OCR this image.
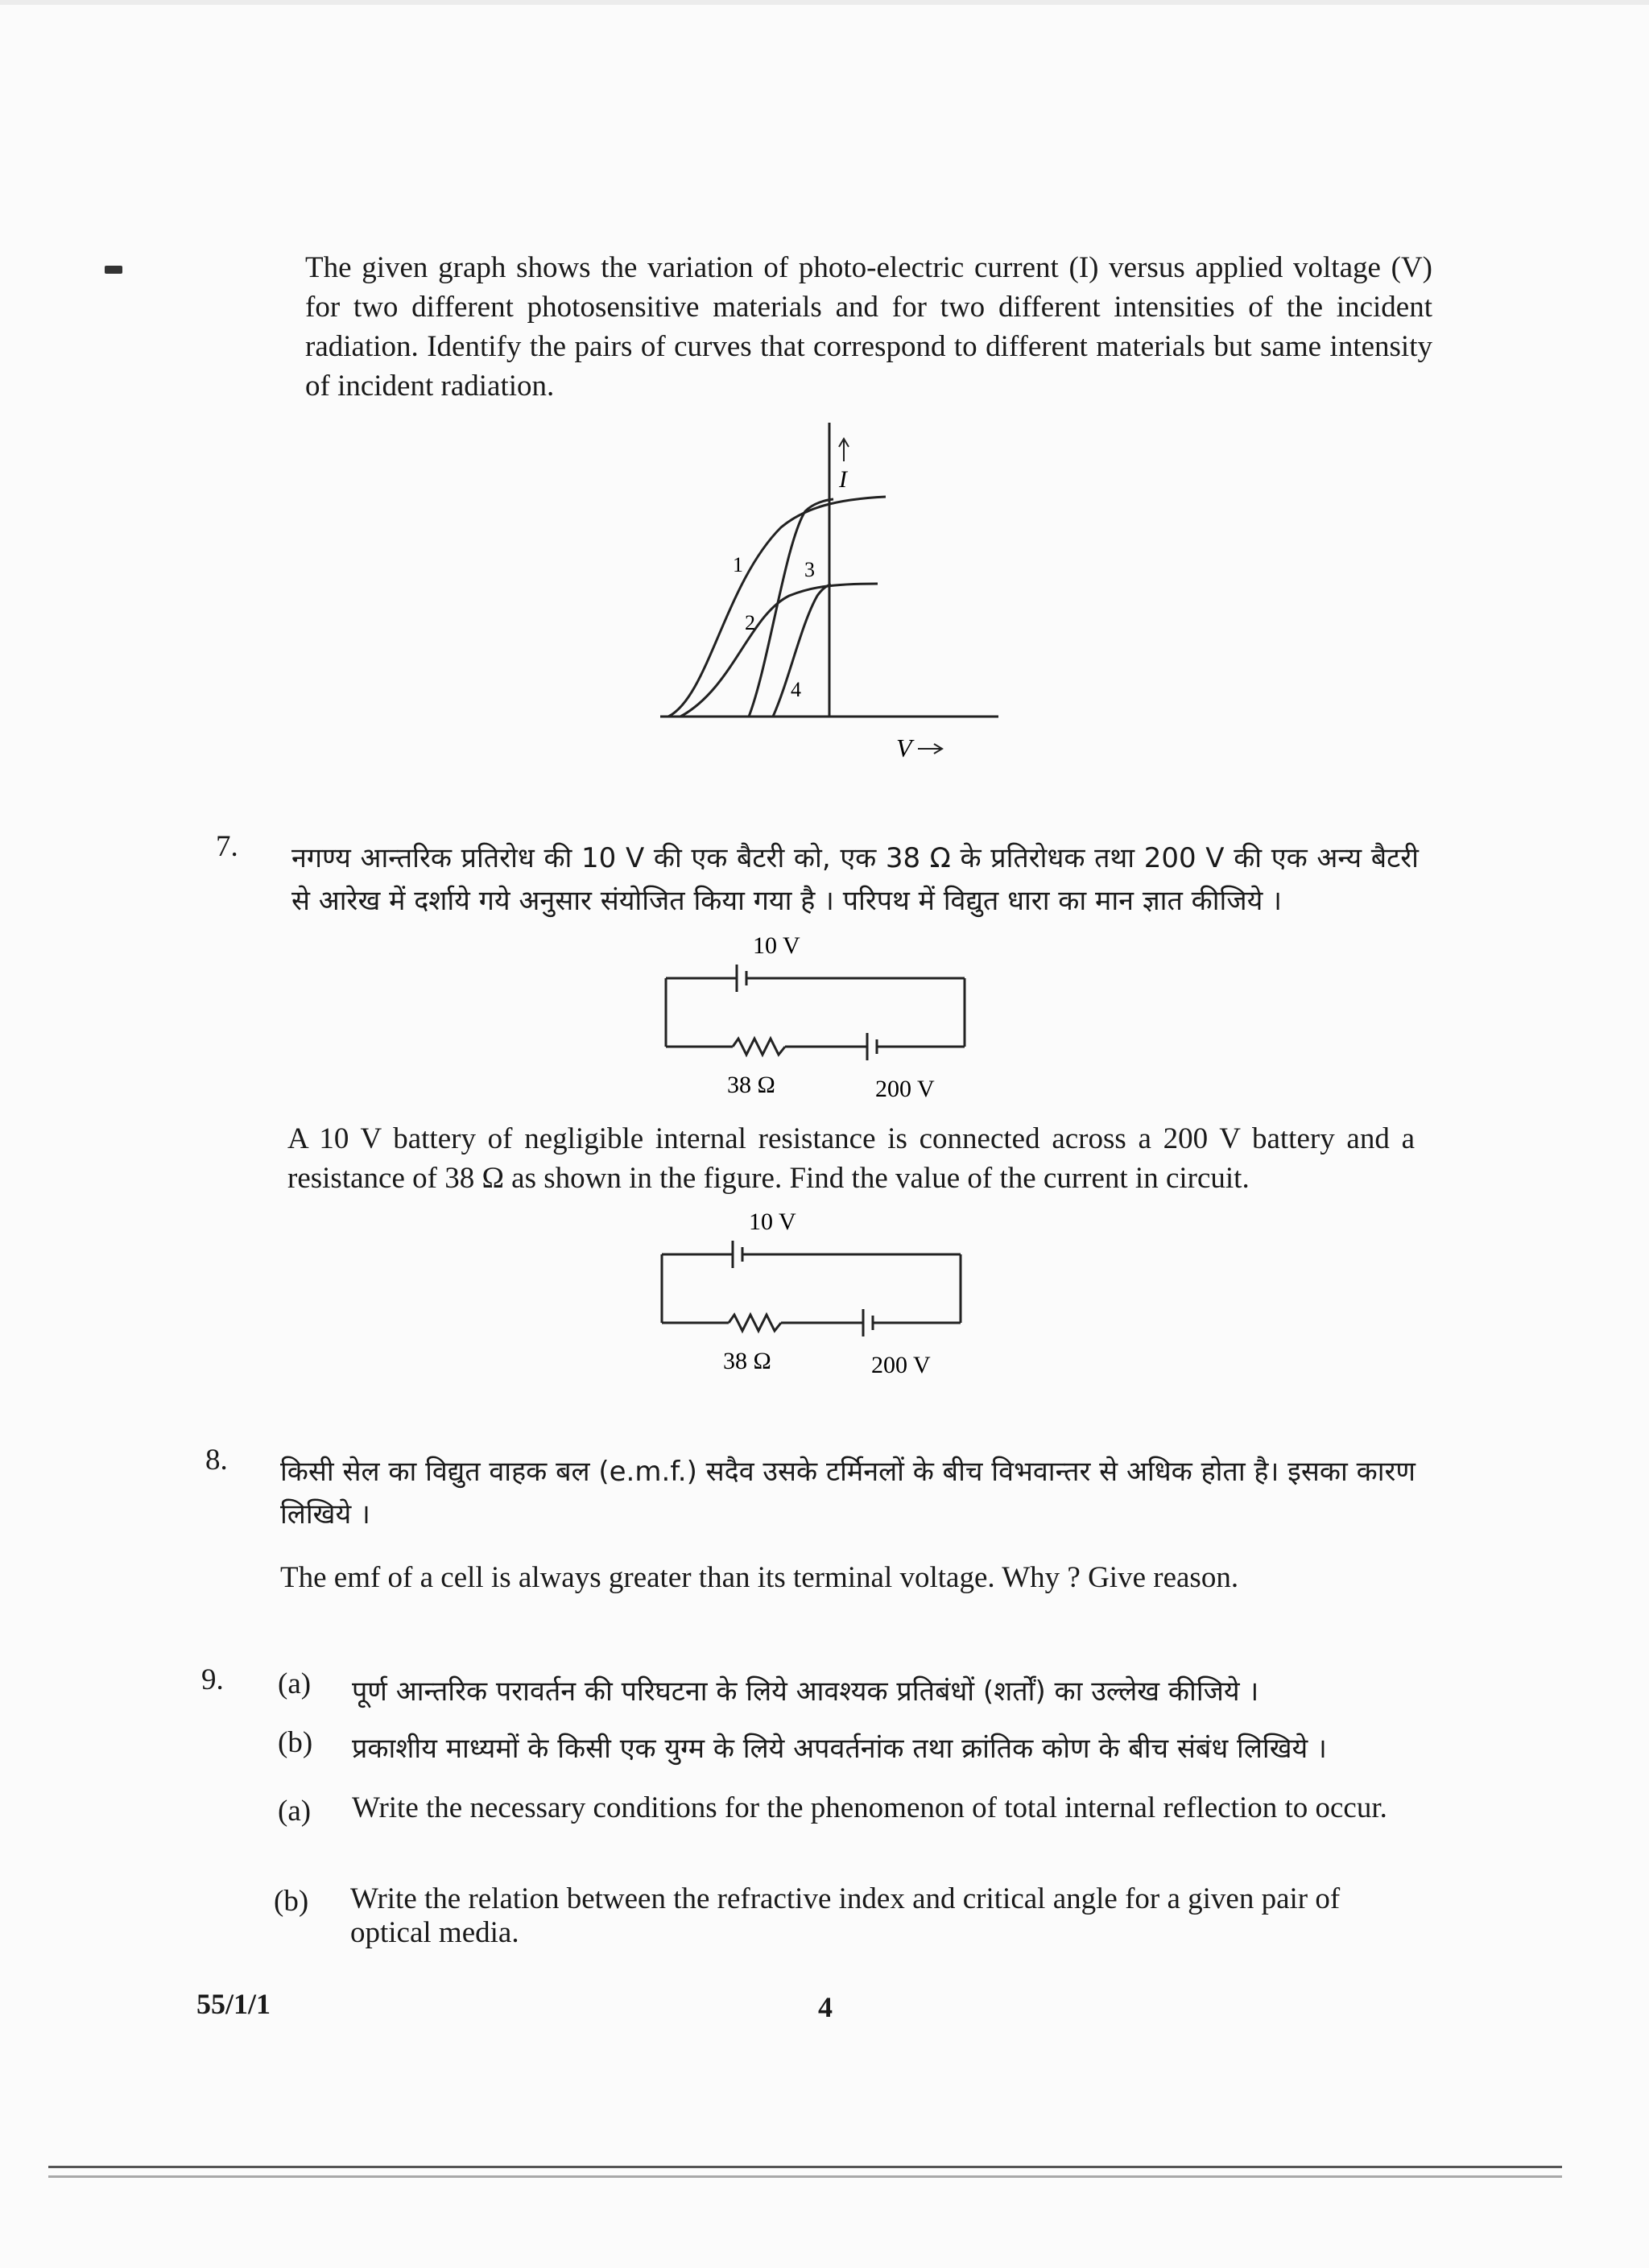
The given graph shows the variation of photo-electric current (I) versus applied voltage (V) for two different photosensitive materials and for two different intensities of the incident radiation. Identify the pairs of curves that correspond to different materials but same intensity of incident radiation.

I
V
1
2
3
4
7. नगण्य आन्तरिक प्रतिरोध की 10 V की एक बैटरी को, एक 38 Ω के प्रतिरोधक तथा 200 V की एक अन्य बैटरी से आरेख में दर्शाये गये अनुसार संयोजित किया गया है । परिपथ में विद्युत धारा का मान ज्ञात कीजिये ।

10 V
38 Ω	200 V

A 10 V battery of negligible internal resistance is connected across a 200 V battery and a resistance of 38 Ω as shown in the figure. Find the value of the current in circuit.

10 V
38 Ω	200 V
8. किसी सेल का विद्युत वाहक बल (e.m.f.) सदैव उसके टर्मिनलों के बीच विभवान्तर से अधिक होता है। इसका कारण लिखिये ।

The emf of a cell is always greater than its terminal voltage. Why ? Give reason.

9. (a) पूर्ण आन्तरिक परावर्तन की परिघटना के लिये आवश्यक प्रतिबंधों (शर्तों) का उल्लेख कीजिये ।

(b) प्रकाशीय माध्यमों के किसी एक युग्म के लिये अपवर्तनांक तथा क्रांतिक कोण के बीच संबंध लिखिये ।

(a) Write the necessary conditions for the phenomenon of total internal reflection to occur.

(b) Write the relation between the refractive index and critical angle for a given pair of optical media.

55/1/1	4
